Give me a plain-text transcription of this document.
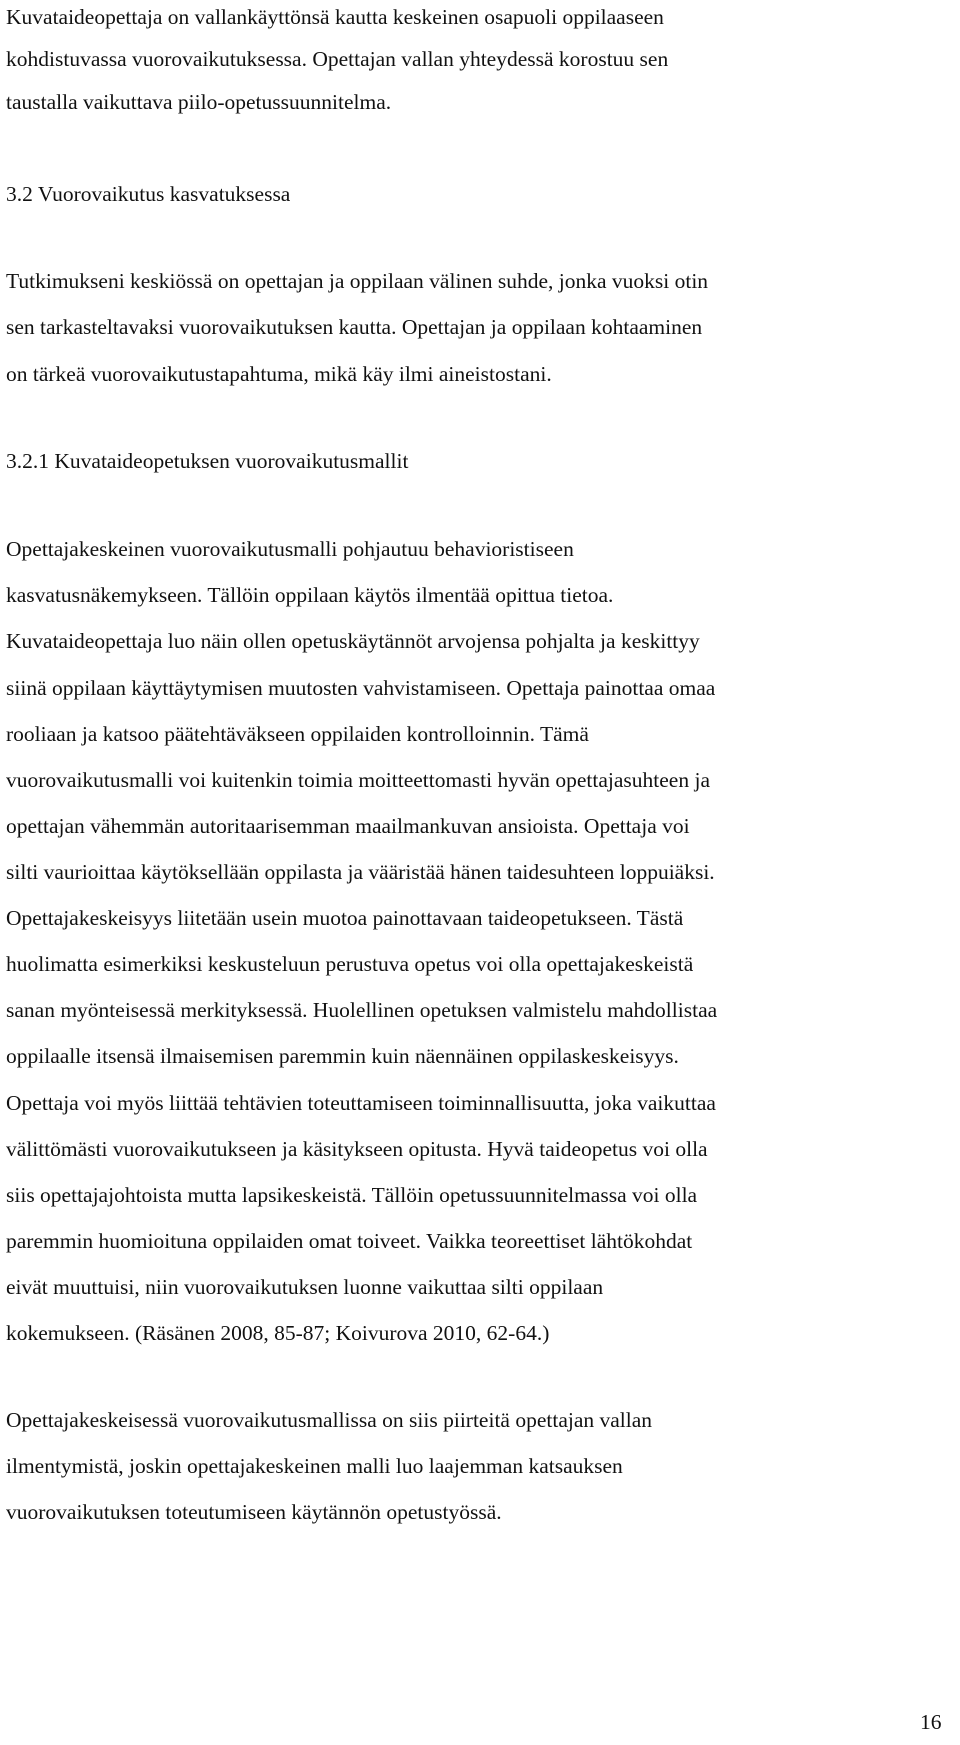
Kuvataideopettaja on vallankäyttönsä kautta keskeinen osapuoli oppilaaseen
kohdistuvassa vuorovaikutuksessa. Opettajan vallan yhteydessä korostuu sen
taustalla vaikuttava piilo-opetussuunnitelma.
3.2 Vuorovaikutus kasvatuksessa
Tutkimukseni keskiössä on opettajan ja oppilaan välinen suhde, jonka vuoksi otin
sen tarkasteltavaksi vuorovaikutuksen kautta. Opettajan ja oppilaan kohtaaminen
on tärkeä vuorovaikutustapahtuma, mikä käy ilmi aineistostani.
3.2.1 Kuvataideopetuksen vuorovaikutusmallit
Opettajakeskeinen vuorovaikutusmalli pohjautuu behavioristiseen
kasvatusnäkemykseen. Tällöin oppilaan käytös ilmentää opittua tietoa.
Kuvataideopettaja luo näin ollen opetuskäytännöt arvojensa pohjalta ja keskittyy
siinä oppilaan käyttäytymisen muutosten vahvistamiseen. Opettaja painottaa omaa
rooliaan ja katsoo päätehtäväkseen oppilaiden kontrolloinnin. Tämä
vuorovaikutusmalli voi kuitenkin toimia moitteettomasti hyvän opettajasuhteen ja
opettajan vähemmän autoritaarisemman maailmankuvan ansioista. Opettaja voi
silti vaurioittaa käytöksellään oppilasta ja vääristää hänen taidesuhteen loppuiäksi.
Opettajakeskeisyys liitetään usein muotoa painottavaan taideopetukseen. Tästä
huolimatta esimerkiksi keskusteluun perustuva opetus voi olla opettajakeskeistä
sanan myönteisessä merkityksessä. Huolellinen opetuksen valmistelu mahdollistaa
oppilaalle itsensä ilmaisemisen paremmin kuin näennäinen oppilaskeskeisyys.
Opettaja voi myös liittää tehtävien toteuttamiseen toiminnallisuutta, joka vaikuttaa
välittömästi vuorovaikutukseen ja käsitykseen opitusta. Hyvä taideopetus voi olla
siis opettajajohtoista mutta lapsikeskeistä. Tällöin opetussuunnitelmassa voi olla
paremmin huomioituna oppilaiden omat toiveet. Vaikka teoreettiset lähtökohdat
eivät muuttuisi, niin vuorovaikutuksen luonne vaikuttaa silti oppilaan
kokemukseen. (Räsänen 2008, 85-87; Koivurova 2010, 62-64.)
Opettajakeskeisessä vuorovaikutusmallissa on siis piirteitä opettajan vallan
ilmentymistä, joskin opettajakeskeinen malli luo laajemman katsauksen
vuorovaikutuksen toteutumiseen käytännön opetustyössä.
16
